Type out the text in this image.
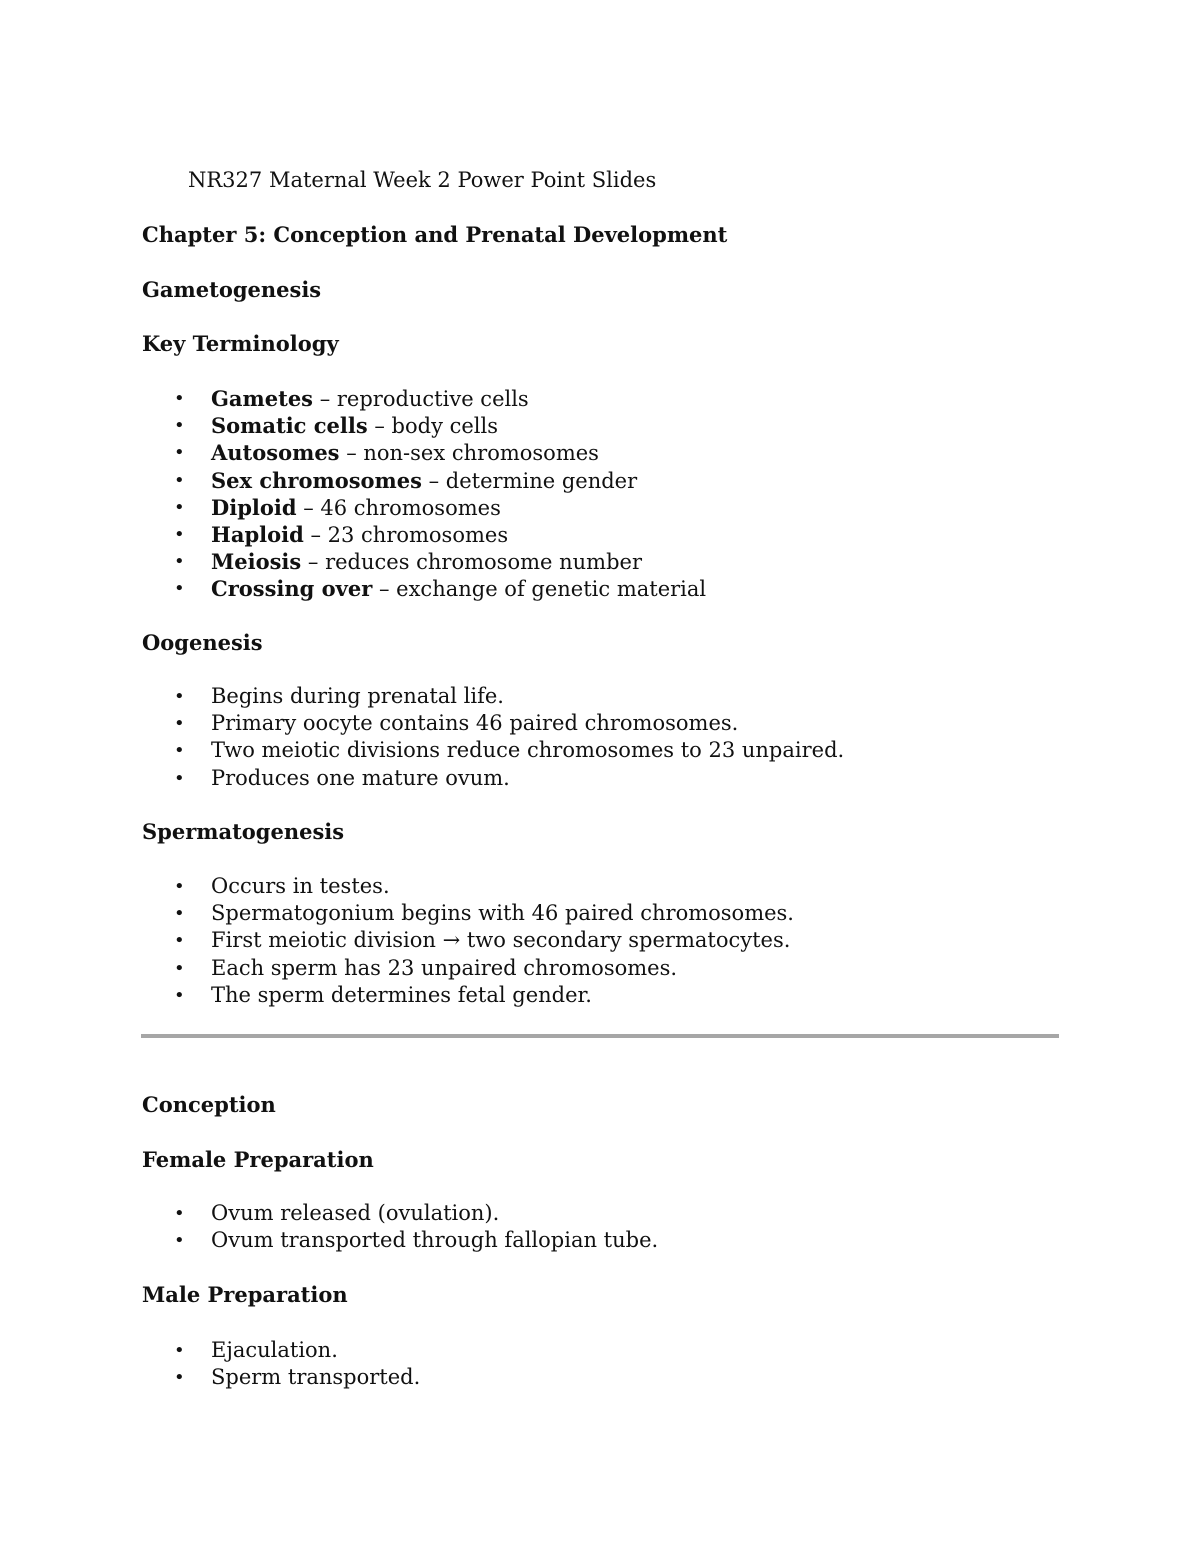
NR327 Maternal Week 2 Power Point Slides
Chapter 5: Conception and Prenatal Development
Gametogenesis
Key Terminology
• Gametes – reproductive cells
• Somatic cells – body cells
• Autosomes – non-sex chromosomes
• Sex chromosomes – determine gender
• Diploid – 46 chromosomes
• Haploid – 23 chromosomes
• Meiosis – reduces chromosome number
• Crossing over – exchange of genetic material
Oogenesis
• Begins during prenatal life.
• Primary oocyte contains 46 paired chromosomes.
• Two meiotic divisions reduce chromosomes to 23 unpaired.
• Produces one mature ovum.
Spermatogenesis
• Occurs in testes.
• Spermatogonium begins with 46 paired chromosomes.
• First meiotic division → two secondary spermatocytes.
• Each sperm has 23 unpaired chromosomes.
• The sperm determines fetal gender.
Conception
Female Preparation
• Ovum released (ovulation).
• Ovum transported through fallopian tube.
Male Preparation
• Ejaculation.
• Sperm transported.
